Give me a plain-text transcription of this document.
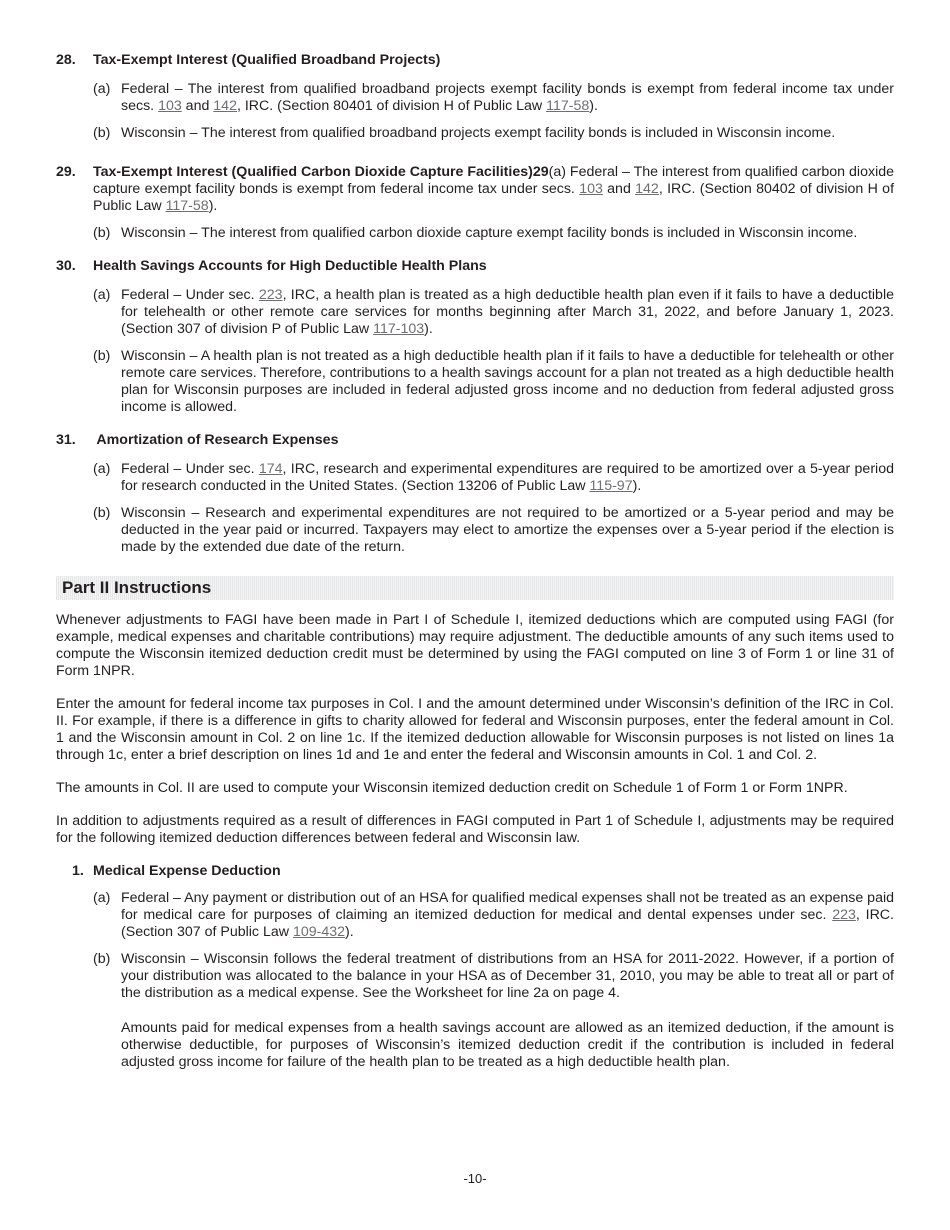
28.	Tax-Exempt Interest (Qualified Broadband Projects)
(a) Federal – The interest from qualified broadband projects exempt facility bonds is exempt from federal income tax under secs. 103 and 142, IRC. (Section 80401 of division H of Public Law 117-58).
(b) Wisconsin – The interest from qualified broadband projects exempt facility bonds is included in Wisconsin income.
29.	Tax-Exempt Interest (Qualified Carbon Dioxide Capture Facilities)29(a) Federal – The interest from qualified carbon dioxide capture exempt facility bonds is exempt from federal income tax under secs. 103 and 142, IRC. (Section 80402 of division H of Public Law 117-58).
(b) Wisconsin – The interest from qualified carbon dioxide capture exempt facility bonds is included in Wisconsin income.
30.	Health Savings Accounts for High Deductible Health Plans
(a) Federal – Under sec. 223, IRC, a health plan is treated as a high deductible health plan even if it fails to have a deductible for telehealth or other remote care services for months beginning after March 31, 2022, and before January 1, 2023. (Section 307 of division P of Public Law 117-103).
(b) Wisconsin – A health plan is not treated as a high deductible health plan if it fails to have a deductible for telehealth or other remote care services. Therefore, contributions to a health savings account for a plan not treated as a high deductible health plan for Wisconsin purposes are included in federal adjusted gross income and no deduction from federal adjusted gross income is allowed.
31.	Amortization of Research Expenses
(a) Federal – Under sec. 174, IRC, research and experimental expenditures are required to be amortized over a 5-year period for research conducted in the United States. (Section 13206 of Public Law 115-97).
(b) Wisconsin – Research and experimental expenditures are not required to be amortized or a 5-year period and may be deducted in the year paid or incurred. Taxpayers may elect to amortize the expenses over a 5-year period if the election is made by the extended due date of the return.
Part II Instructions

Whenever adjustments to FAGI have been made in Part I of Schedule I, itemized deductions which are computed using FAGI (for example, medical expenses and charitable contributions) may require adjustment. The deductible amounts of any such items used to compute the Wisconsin itemized deduction credit must be determined by using the FAGI computed on line 3 of Form 1 or line 31 of Form 1NPR.

Enter the amount for federal income tax purposes in Col. I and the amount determined under Wisconsin’s definition of the IRC in Col. II. For example, if there is a difference in gifts to charity allowed for federal and Wisconsin purposes, enter the federal amount in Col. 1 and the Wisconsin amount in Col. 2 on line 1c. If the itemized deduction allowable for Wisconsin purposes is not listed on lines 1a through 1c, enter a brief description on lines 1d and 1e and enter the federal and Wisconsin amounts in Col. 1 and Col. 2.

The amounts in Col. II are used to compute your Wisconsin itemized deduction credit on Schedule 1 of Form 1 or Form 1NPR.

In addition to adjustments required as a result of differences in FAGI computed in Part 1 of Schedule I, adjustments may be required for the following itemized deduction differences between federal and Wisconsin law.

1. Medical Expense Deduction
(a) Federal – Any payment or distribution out of an HSA for qualified medical expenses shall not be treated as an expense paid for medical care for purposes of claiming an itemized deduction for medical and dental expenses under sec. 223, IRC. (Section 307 of Public Law 109-432).
(b) Wisconsin – Wisconsin follows the federal treatment of distributions from an HSA for 2011-2022. However, if a portion of your distribution was allocated to the balance in your HSA as of December 31, 2010, you may be able to treat all or part of the distribution as a medical expense. See the Worksheet for line 2a on page 4.

Amounts paid for medical expenses from a health savings account are allowed as an itemized deduction, if the amount is otherwise deductible, for purposes of Wisconsin’s itemized deduction credit if the contribution is included in federal adjusted gross income for failure of the health plan to be treated as a high deductible health plan.

-10-
